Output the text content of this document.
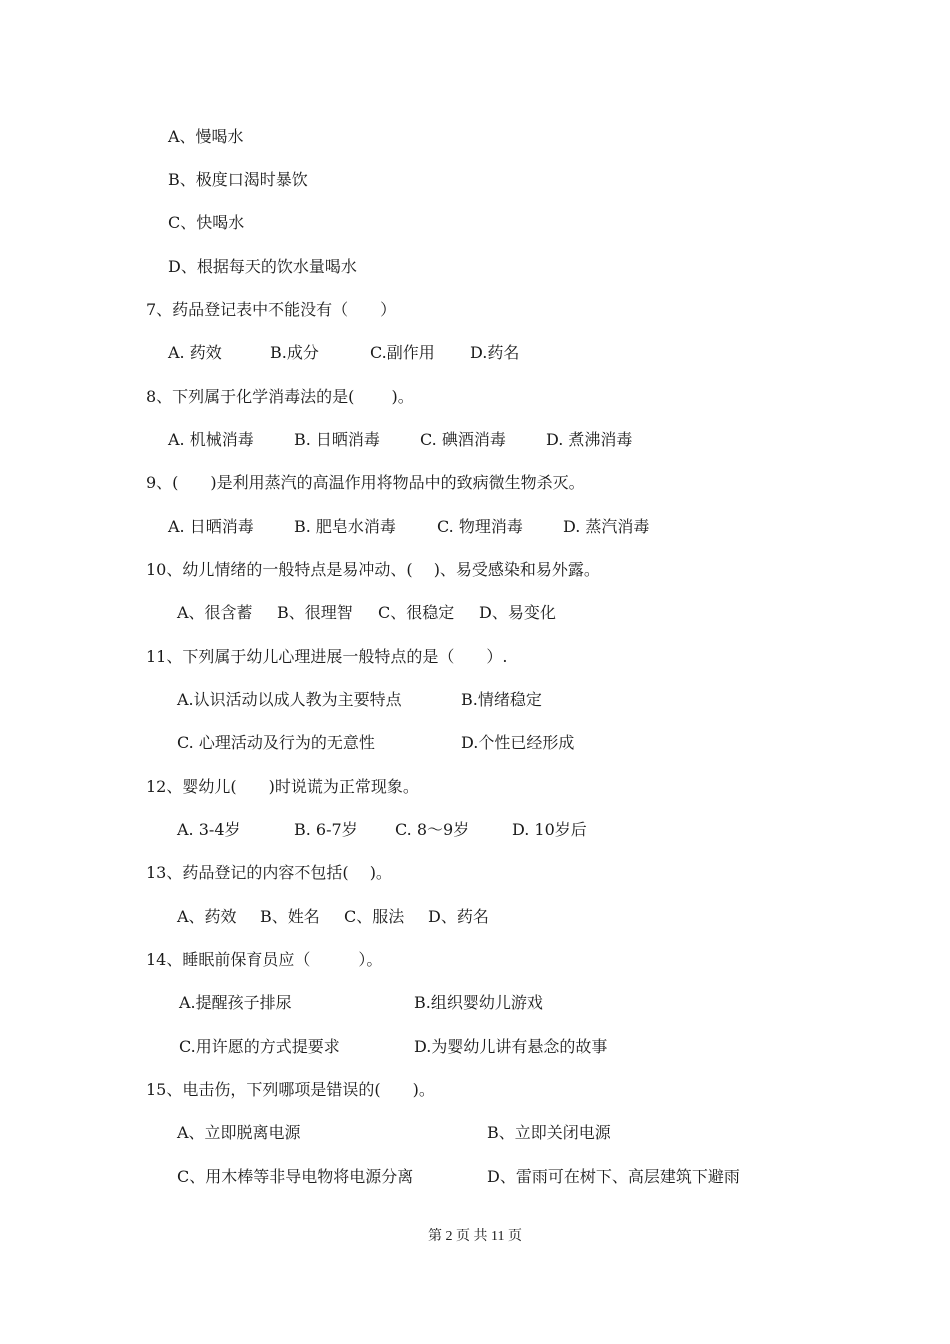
A、慢喝水
B、极度口渴时暴饮
C、快喝水
D、根据每天的饮水量喝水
7、药品登记表中不能没有（　　）
A. 药效	B.成分	C.副作用 D.药名
8、下列属于化学消毒法的是(　　 )。
A. 机械消毒	B. 日晒消毒	C. 碘酒消毒	D. 煮沸消毒
9、(　　)是利用蒸汽的高温作用将物品中的致病微生物杀灭。
A. 日晒消毒	B. 肥皂水消毒	C. 物理消毒	D. 蒸汽消毒
10、幼儿情绪的一般特点是易冲动、(　 )、易受感染和易外露。
A、很含蓄 B、很理智 C、很稳定 D、易变化
11、下列属于幼儿心理进展一般特点的是（　　）.
A.认识活动以成人教为主要特点	B.情绪稳定
C. 心理活动及行为的无意性	D.个性已经形成
12、婴幼儿(　　)时说谎为正常现象。
A. 3-4岁	B. 6-7岁 C. 8～9岁	D. 10岁后
13、药品登记的内容不包括(　 )。
A、药效 B、姓名 C、服法 D、药名
14、睡眠前保育员应（　　　）。
A.提醒孩子排尿	B.组织婴幼儿游戏
C.用许愿的方式提要求	D.为婴幼儿讲有悬念的故事
15、电击伤，下列哪项是错误的(　　)。
A、立即脱离电源	B、立即关闭电源
C、用木棒等非导电物将电源分离	D、雷雨可在树下、高层建筑下避雨
第 2 页 共 11 页
